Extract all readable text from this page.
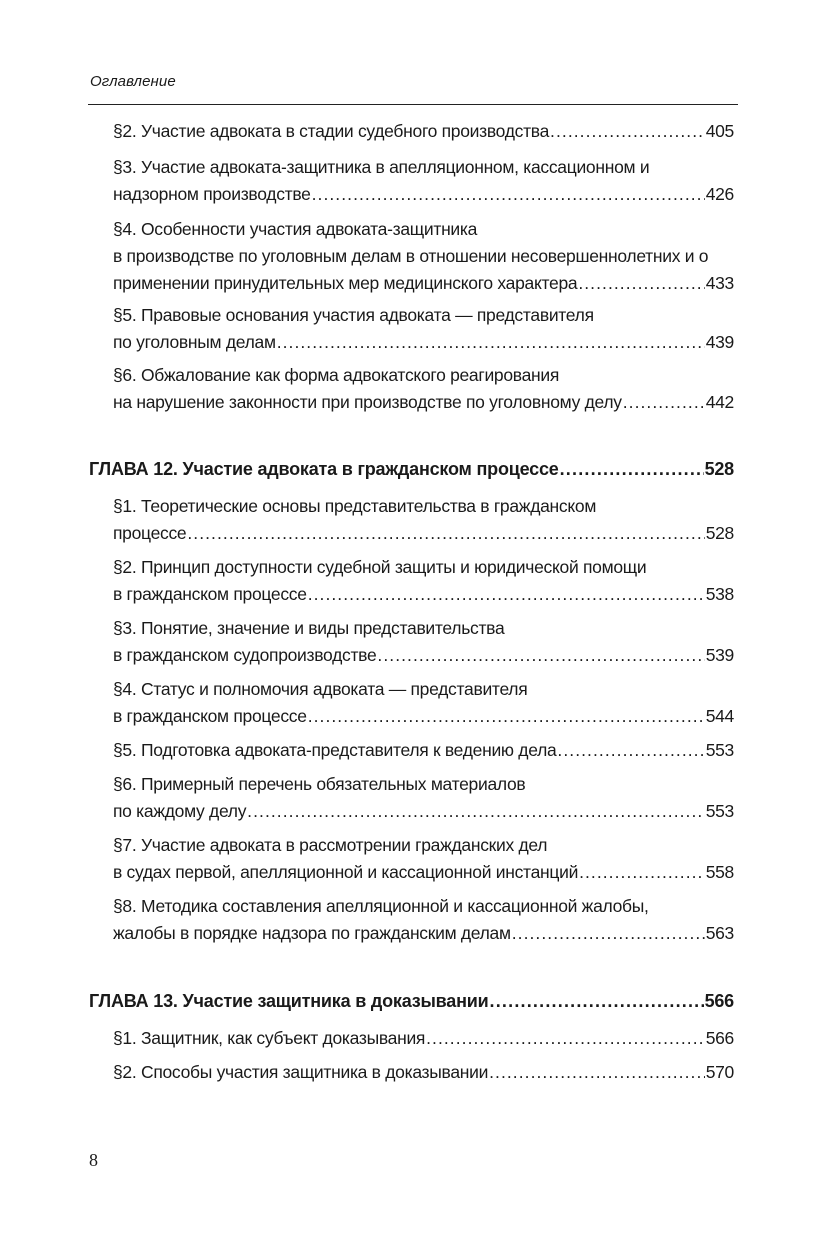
Оглавление
§2. Участие адвоката в стадии судебного производства . . .	405
§3. Участие адвоката-защитника в апелляционном, кассационном и
надзорном производстве . . .	426
§4. Особенности участия адвоката-защитника
в производстве по уголовным делам в отношении несовершеннолетних и о
применении принудительных мер медицинского характера . . .	433
§5. Правовые основания участия адвоката — представителя
по уголовным делам . . .	439
§6. Обжалование как форма адвокатского реагирования
на нарушение законности при производстве по уголовному делу . . .	442
ГЛАВА 12. Участие адвоката в гражданском процессе . . .	528
§1. Теоретические основы представительства в гражданском
процессе . . .	528
§2. Принцип доступности судебной защиты и юридической помощи
в гражданском процессе . . .	538
§3. Понятие, значение и виды представительства
в гражданском судопроизводстве . . .	539
§4. Статус и полномочия адвоката — представителя
в гражданском процессе . . .	544
§5. Подготовка адвоката-представителя к ведению дела . . .	553
§6. Примерный перечень обязательных материалов
по каждому делу . . .	553
§7. Участие адвоката в рассмотрении гражданских дел
в судах первой, апелляционной и кассационной инстанций . . .	558
§8. Методика составления апелляционной и кассационной жалобы,
жалобы в порядке надзора по гражданским делам . . .	563
ГЛАВА 13. Участие защитника в доказывании . . .	566
§1. Защитник, как субъект доказывания . . .	566
§2. Способы участия защитника в доказывании . . .	570
8
